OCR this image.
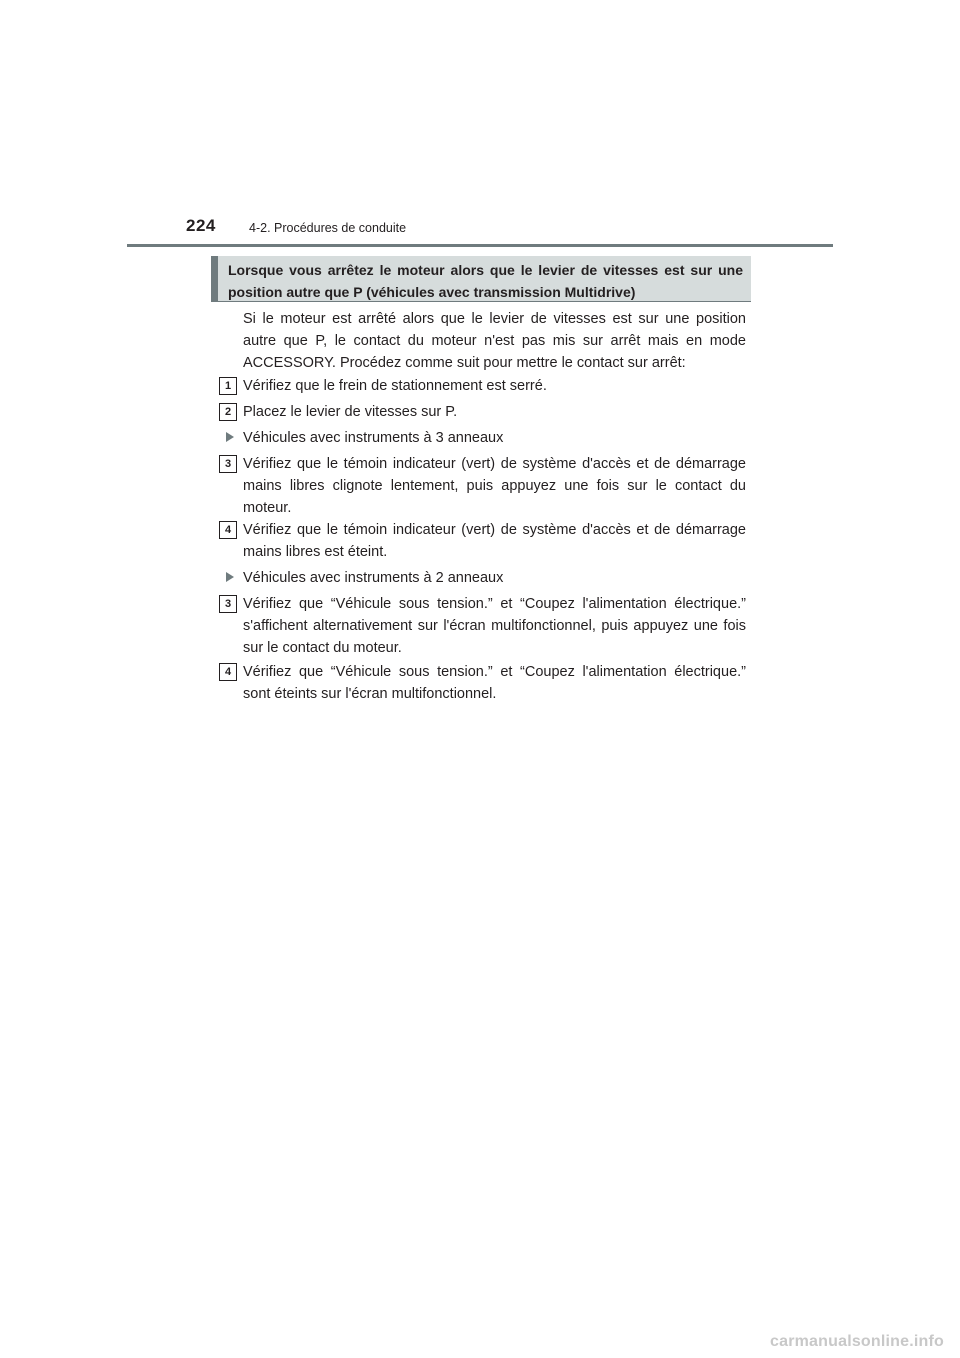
224	4-2. Procédures de conduite
Lorsque vous arrêtez le moteur alors que le levier de vitesses est sur une position autre que P (véhicules avec transmission Multidrive)
Si le moteur est arrêté alors que le levier de vitesses est sur une position autre que P, le contact du moteur n'est pas mis sur arrêt mais en mode ACCESSORY. Procédez comme suit pour mettre le contact sur arrêt:
1 Vérifiez que le frein de stationnement est serré.
2 Placez le levier de vitesses sur P.
Véhicules avec instruments à 3 anneaux
3 Vérifiez que le témoin indicateur (vert) de système d'accès et de démarrage mains libres clignote lentement, puis appuyez une fois sur le contact du moteur.
4 Vérifiez que le témoin indicateur (vert) de système d'accès et de démarrage mains libres est éteint.
Véhicules avec instruments à 2 anneaux
3 Vérifiez que “Véhicule sous tension.” et “Coupez l'alimentation électrique.” s'affichent alternativement sur l'écran multifonctionnel, puis appuyez une fois sur le contact du moteur.
4 Vérifiez que “Véhicule sous tension.” et “Coupez l'alimentation électrique.” sont éteints sur l'écran multifonctionnel.
carmanualsonline.info
